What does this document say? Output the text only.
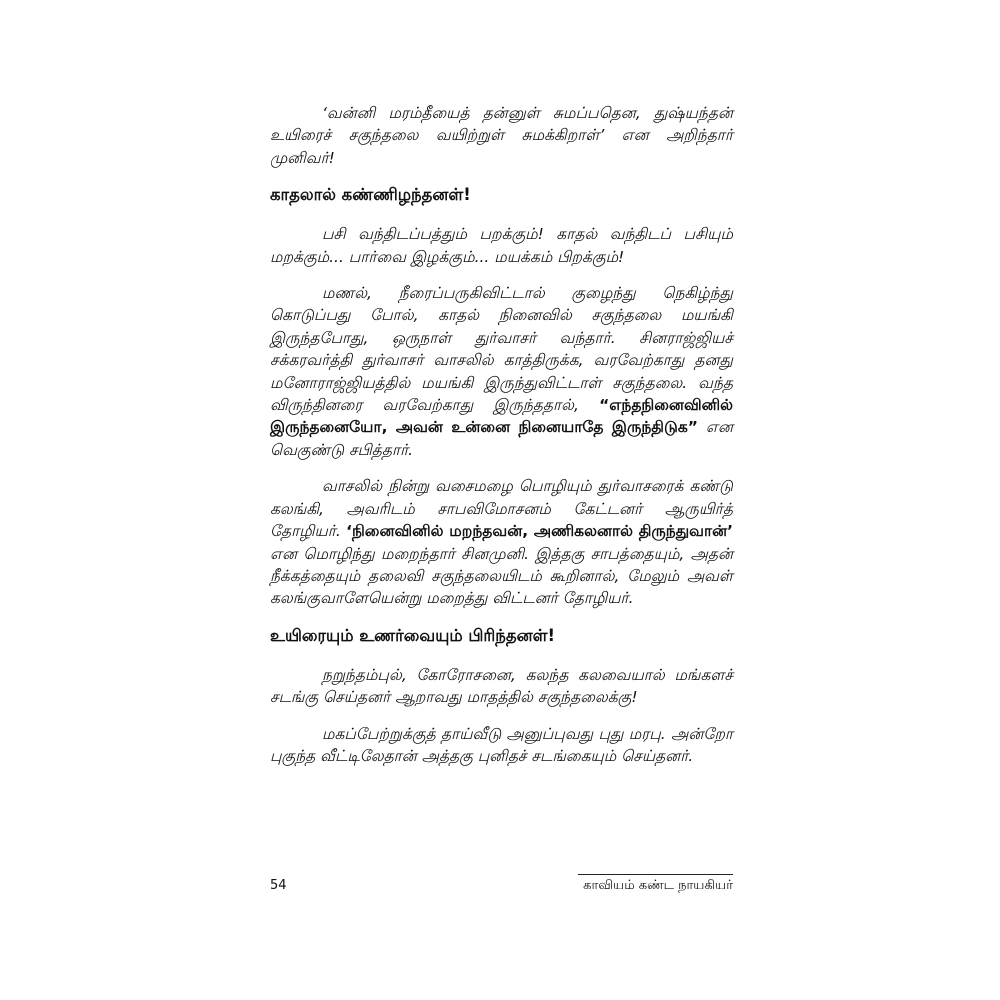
‘வன்னி மரம்தீயைத் தன்னுள் சுமப்பதென, துஷ்யந்தன் உயிரைச் சகுந்தலை வயிற்றுள் சுமக்கிறாள்’ என அறிந்தார் முனிவர்!

காதலால் கண்ணிழந்தனள்!

பசி வந்திடப்பத்தும் பறக்கும்! காதல் வந்திடப் பசியும் மறக்கும்... பார்வை இழக்கும்... மயக்கம் பிறக்கும்!

மணல், நீரைப்பருகிவிட்டால் குழைந்து நெகிழ்ந்து கொடுப்பது போல், காதல் நினைவில் சகுந்தலை மயங்கி இருந்தபோது, ஒருநாள் துர்வாசர் வந்தார். சினராஜ்ஜியச் சக்கரவர்த்தி துர்வாசர் வாசலில் காத்திருக்க, வரவேற்காது தனது மனோராஜ்ஜியத்தில் மயங்கி இருந்துவிட்டாள் சகுந்தலை. வந்த விருந்தினரை வரவேற்காது இருந்ததால், “எந்தநினைவினில் இருந்தனையோ, அவன் உன்னை நினையாதே இருந்திடுக” என வெகுண்டு சபித்தார்.

வாசலில் நின்று வசைமழை பொழியும் துர்வாசரைக் கண்டு கலங்கி, அவரிடம் சாபவிமோசனம் கேட்டனர் ஆருயிர்த் தோழியர். ‘நினைவினில் மறந்தவன், அணிகலனால் திருந்துவான்’ என மொழிந்து மறைந்தார் சினமுனி. இத்தகு சாபத்தையும், அதன் நீக்கத்தையும் தலைவி சகுந்தலையிடம் கூறினால், மேலும் அவள் கலங்குவாளேயென்று மறைத்து விட்டனர் தோழியர்.

உயிரையும் உணர்வையும் பிரிந்தனள்!

நறுந்தம்புல், கோரோசனை, கலந்த கலவையால் மங்களச் சடங்கு செய்தனர் ஆறாவது மாதத்தில் சகுந்தலைக்கு!

மகப்பேற்றுக்குத் தாய்வீடு அனுப்புவது புது மரபு. அன்றோ புகுந்த வீட்டிலேதான் அத்தகு புனிதச் சடங்கையும் செய்தனர்.

54	காவியம் கண்ட நாயகியர்
